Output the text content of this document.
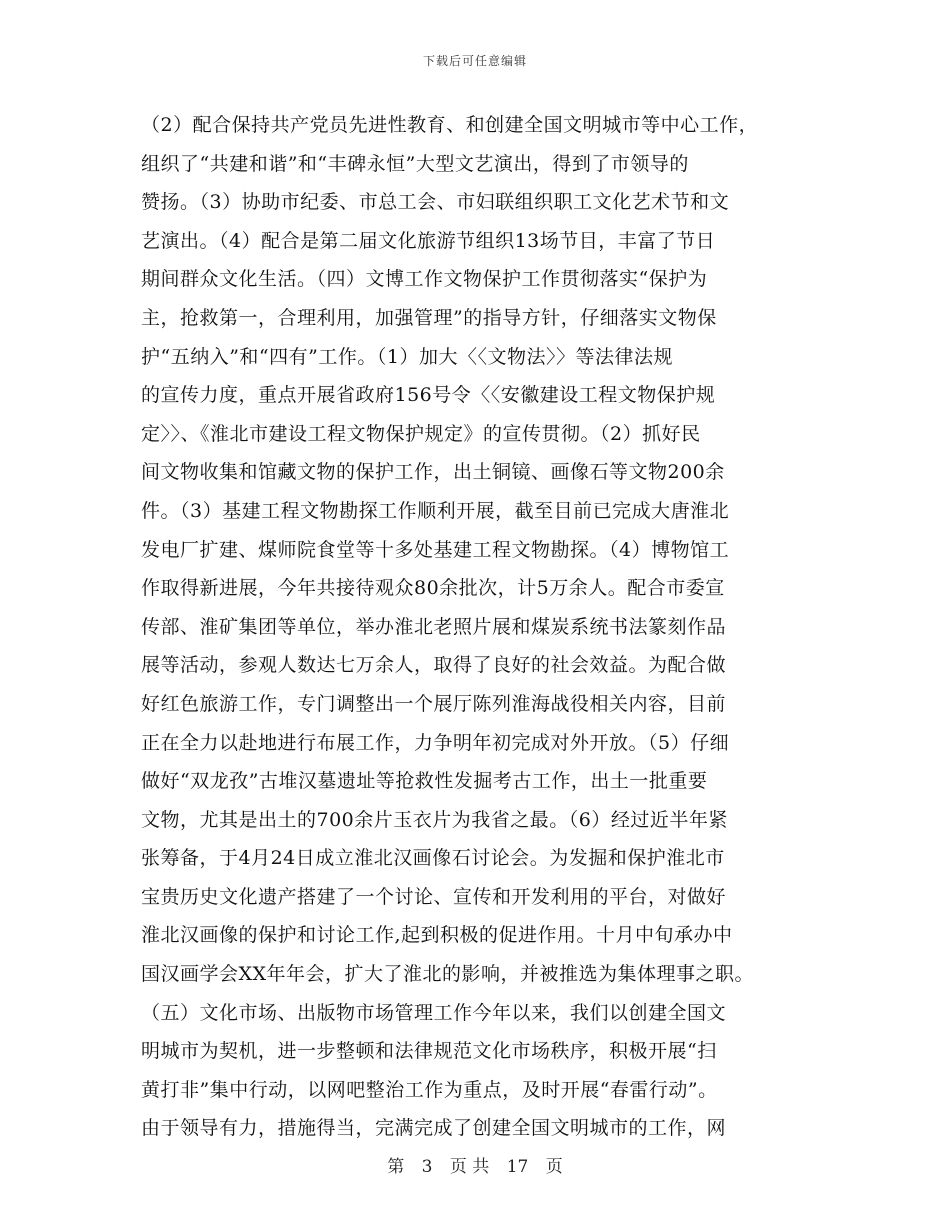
下载后可任意编辑
（2）配合保持共产党员先进性教育、和创建全国文明城市等中心工作，
组织了“共建和谐”和“丰碑永恒”大型文艺演出，得到了市领导的
赞扬。（3）协助市纪委、市总工会、市妇联组织职工文化艺术节和文
艺演出。（4）配合是第二届文化旅游节组织13场节目，丰富了节日
期间群众文化生活。（四）文博工作文物保护工作贯彻落实“保护为
主，抢救第一，合理利用，加强管理”的指导方针，仔细落实文物保
护“五纳入”和“四有”工作。（1）加大〈〈文物法〉〉等法律法规
的宣传力度，重点开展省政府156号令〈〈安徽建设工程文物保护规
定〉〉、《淮北市建设工程文物保护规定》的宣传贯彻。（2）抓好民
间文物收集和馆藏文物的保护工作，出土铜镜、画像石等文物200余
件。（3）基建工程文物勘探工作顺利开展，截至目前已完成大唐淮北
发电厂扩建、煤师院食堂等十多处基建工程文物勘探。（4）博物馆工
作取得新进展，今年共接待观众80余批次，计5万余人。配合市委宣
传部、淮矿集团等单位，举办淮北老照片展和煤炭系统书法篆刻作品
展等活动，参观人数达七万余人，取得了良好的社会效益。为配合做
好红色旅游工作，专门调整出一个展厅陈列淮海战役相关内容，目前
正在全力以赴地进行布展工作，力争明年初完成对外开放。（5）仔细
做好“双龙孜”古堆汉墓遗址等抢救性发掘考古工作，出土一批重要
文物，尤其是出土的700余片玉衣片为我省之最。（6）经过近半年紧
张筹备，于4月24日成立淮北汉画像石讨论会。为发掘和保护淮北市
宝贵历史文化遗产搭建了一个讨论、宣传和开发利用的平台，对做好
淮北汉画像的保护和讨论工作,起到积极的促进作用。十月中旬承办中
国汉画学会XX年年会，扩大了淮北的影响，并被推选为集体理事之职。
（五）文化市场、出版物市场管理工作今年以来，我们以创建全国文
明城市为契机，进一步整顿和法律规范文化市场秩序，积极开展“扫
黄打非”集中行动，以网吧整治工作为重点，及时开展“春雷行动”。
由于领导有力，措施得当，完满完成了创建全国文明城市的工作，网
第 3 页 共 17 页
